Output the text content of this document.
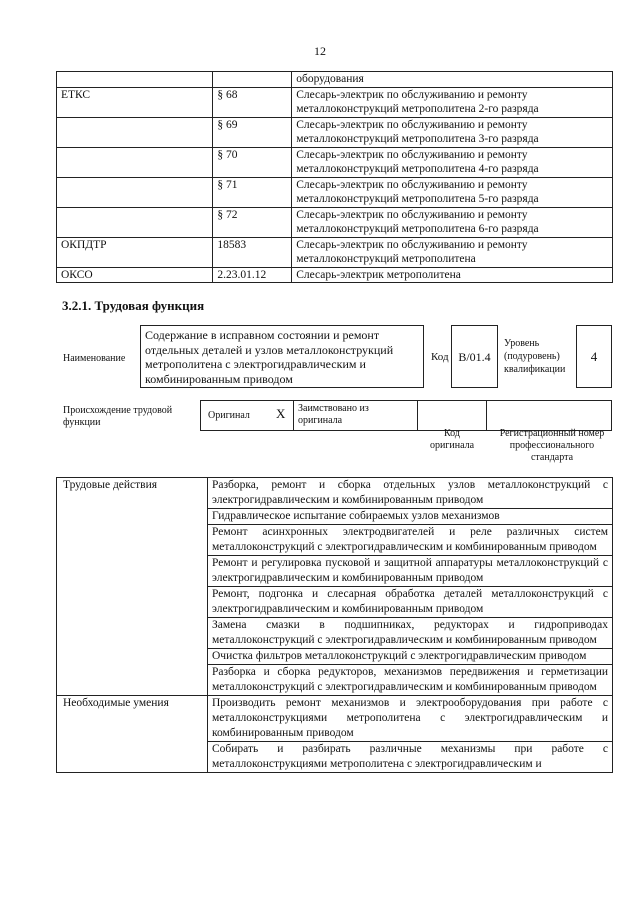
12
		оборудования
ЕТКС	§ 68	Слесарь-электрик по обслуживанию и ремонту металлоконструкций метрополитена 2-го разряда
	§ 69	Слесарь-электрик по обслуживанию и ремонту металлоконструкций метрополитена 3-го разряда
	§ 70	Слесарь-электрик по обслуживанию и ремонту металлоконструкций метрополитена 4-го разряда
	§ 71	Слесарь-электрик по обслуживанию и ремонту металлоконструкций метрополитена 5-го разряда
	§ 72	Слесарь-электрик по обслуживанию и ремонту металлоконструкций метрополитена 6-го разряда
ОКПДТР	18583	Слесарь-электрик по обслуживанию и ремонту металлоконструкций метрополитена
ОКСО	2.23.01.12	Слесарь-электрик метрополитена
3.2.1. Трудовая функция
Наименование
Содержание в исправном состоянии и ремонт отдельных деталей и узлов металлоконструкций метрополитена с электрогидравлическим и комбинированным приводом
Код B/01.4
Уровень (подуровень) квалификации
4
Происхождение трудовой функции
Оригинал X	Заимствовано из оригинала
Код оригинала
Регистрационный номер профессионального стандарта
Трудовые действия	Разборка, ремонт и сборка отдельных узлов металлоконструкций с электрогидравлическим и комбинированным приводом
	Гидравлическое испытание собираемых узлов механизмов
	Ремонт асинхронных электродвигателей и реле различных систем металлоконструкций с электрогидравлическим и комбинированным приводом
	Ремонт и регулировка пусковой и защитной аппаратуры металлоконструкций с электрогидравлическим и комбинированным приводом
	Ремонт, подгонка и слесарная обработка деталей металлоконструкций с электрогидравлическим и комбинированным приводом
	Замена смазки в подшипниках, редукторах и гидроприводах металлоконструкций с электрогидравлическим и комбинированным приводом
	Очистка фильтров металлоконструкций с электрогидравлическим приводом
	Разборка и сборка редукторов, механизмов передвижения и герметизации металлоконструкций с электрогидравлическим и комбинированным приводом
Необходимые умения	Производить ремонт механизмов и электрооборудования при работе с металлоконструкциями метрополитена с электрогидравлическим и комбинированным приводом
	Собирать и разбирать различные механизмы при работе с металлоконструкциями метрополитена с электрогидравлическим и
